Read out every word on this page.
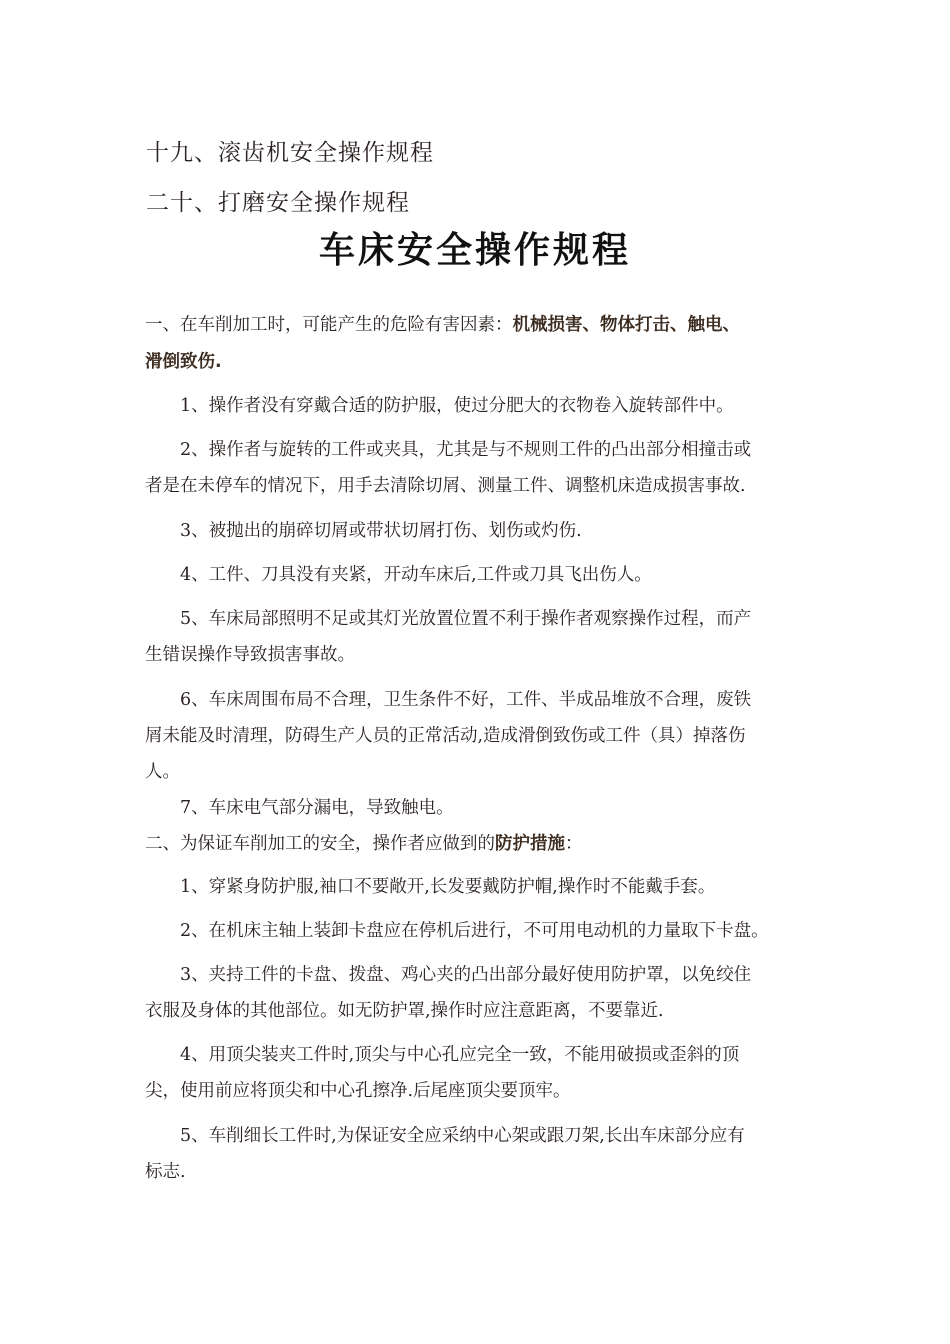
十九、滚齿机安全操作规程
二十、打磨安全操作规程
车床安全操作规程
一、在车削加工时，可能产生的危险有害因素：机械损害、物体打击、触电、
滑倒致伤.
1、操作者没有穿戴合适的防护服，使过分肥大的衣物卷入旋转部件中。
2、操作者与旋转的工件或夹具，尤其是与不规则工件的凸出部分相撞击或
者是在未停车的情况下，用手去清除切屑、测量工件、调整机床造成损害事故.
3、被抛出的崩碎切屑或带状切屑打伤、划伤或灼伤.
4、工件、刀具没有夹紧，开动车床后,工件或刀具飞出伤人。
5、车床局部照明不足或其灯光放置位置不利于操作者观察操作过程，而产
生错误操作导致损害事故。
6、车床周围布局不合理，卫生条件不好，工件、半成品堆放不合理，废铁
屑未能及时清理，防碍生产人员的正常活动,造成滑倒致伤或工件（具）掉落伤
人。
7、车床电气部分漏电，导致触电。
二、为保证车削加工的安全，操作者应做到的防护措施：
1、穿紧身防护服,袖口不要敞开,长发要戴防护帽,操作时不能戴手套。
2、在机床主轴上装卸卡盘应在停机后进行，不可用电动机的力量取下卡盘。
3、夹持工件的卡盘、拨盘、鸡心夹的凸出部分最好使用防护罩，以免绞住
衣服及身体的其他部位。如无防护罩,操作时应注意距离，不要靠近.
4、用顶尖装夹工件时,顶尖与中心孔应完全一致，不能用破损或歪斜的顶
尖，使用前应将顶尖和中心孔擦净.后尾座顶尖要顶牢。
5、车削细长工件时,为保证安全应采纳中心架或跟刀架,长出车床部分应有
标志.
